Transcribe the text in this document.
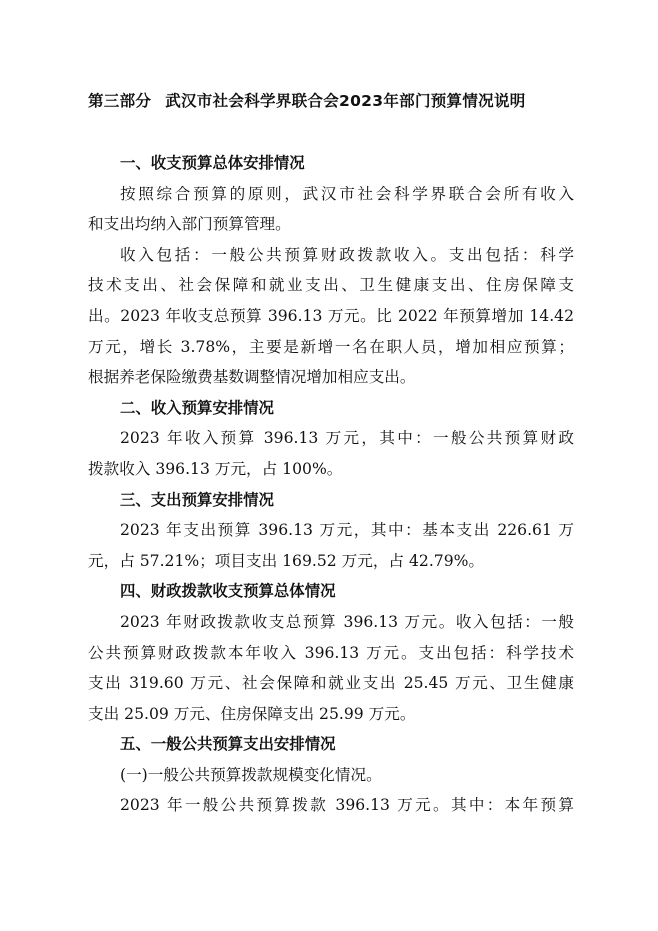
第三部分 武汉市社会科学界联合会2023年部门预算情况说明
一、收支预算总体安排情况
按照综合预算的原则，武汉市社会科学界联合会所有收入
和支出均纳入部门预算管理。
收入包括：一般公共预算财政拨款收入。支出包括：科学
技术支出、社会保障和就业支出、卫生健康支出、住房保障支
出。2023 年收支总预算 396.13 万元。比 2022 年预算增加 14.42
万元，增长 3.78%，主要是新增一名在职人员，增加相应预算；
根据养老保险缴费基数调整情况增加相应支出。
二、收入预算安排情况
2023 年收入预算 396.13 万元，其中：一般公共预算财政
拨款收入 396.13 万元，占 100%。
三、支出预算安排情况
2023 年支出预算 396.13 万元，其中：基本支出 226.61 万
元，占 57.21%；项目支出 169.52 万元，占 42.79%。
四、财政拨款收支预算总体情况
2023 年财政拨款收支总预算 396.13 万元。收入包括：一般
公共预算财政拨款本年收入 396.13 万元。支出包括：科学技术
支出 319.60 万元、社会保障和就业支出 25.45 万元、卫生健康
支出 25.09 万元、住房保障支出 25.99 万元。
五、一般公共预算支出安排情况
(一)一般公共预算拨款规模变化情况。
2023 年一般公共预算拨款 396.13 万元。其中：本年预算
